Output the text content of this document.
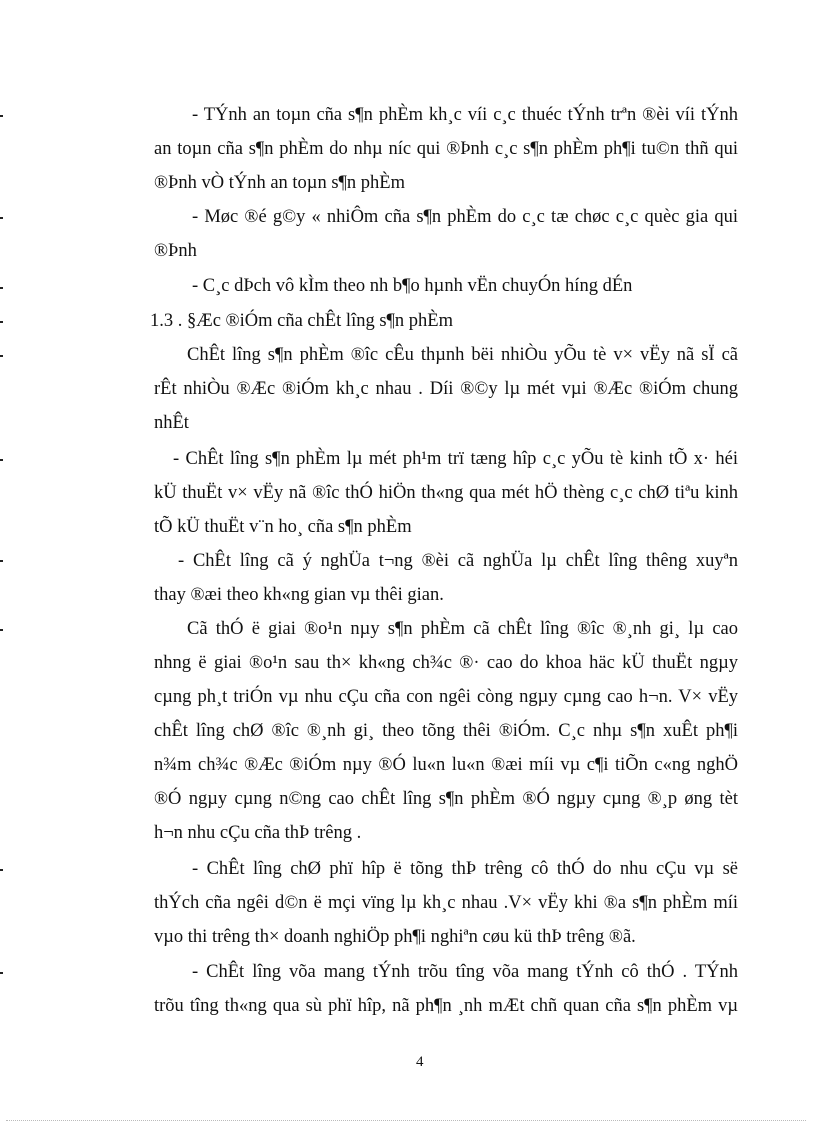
- TÝnh an toµn cña s¶n phÈm kh¸c víi c¸c thuéc tÝnh trªn ®èi víi tÝnh
an toµn cña s¶n phÈm do nhµ níc qui ®Þnh c¸c s¶n phÈm ph¶i tu©n thñ qui
®Þnh vÒ tÝnh an toµn s¶n phÈm
- Møc ®é g©y « nhiÔm cña s¶n phÈm do c¸c tæ chøc c¸c quèc gia qui
®Þnh
- C¸c dÞch vô kÌm theo nh b¶o hµnh vËn chuyÓn híng dÉn
1.3 . §Æc ®iÓm cña chÊt lîng s¶n phÈm
ChÊt lîng s¶n phÈm ®îc cÊu thµnh bëi nhiÒu yÕu tè v× vËy nã sÏ cã
rÊt nhiÒu ®Æc ®iÓm kh¸c nhau . Díi ®©y lµ mét vµi ®Æc ®iÓm chung
nhÊt
- ChÊt lîng s¶n phÈm lµ mét ph¹m trï tæng hîp c¸c yÕu tè kinh tÕ x· héi
kÜ thuËt v× vËy nã ®îc thÓ hiÖn th«ng qua mét hÖ thèng c¸c chØ tiªu kinh
tÕ kÜ thuËt v¨n ho¸ cña s¶n phÈm
- ChÊt lîng cã ý nghÜa t¬ng ®èi cã nghÜa lµ chÊt lîng thêng xuyªn
thay ®æi theo kh«ng gian vµ thêi gian.
Cã thÓ ë giai ®o¹n nµy s¶n phÈm cã chÊt lîng ®îc ®¸nh gi¸ lµ cao
nhng ë giai ®o¹n sau th× kh«ng ch¾c ®· cao do khoa häc kÜ thuËt ngµy
cµng ph¸t triÓn vµ nhu cÇu cña con ngêi còng ngµy cµng cao h¬n. V× vËy
chÊt lîng chØ ®îc ®¸nh gi¸ theo tõng thêi ®iÓm. C¸c nhµ s¶n xuÊt ph¶i
n¾m ch¾c ®Æc ®iÓm nµy ®Ó lu«n lu«n ®æi míi vµ c¶i tiÕn c«ng nghÖ
®Ó ngµy cµng n©ng cao chÊt lîng s¶n phÈm ®Ó ngµy cµng ®¸p øng tèt
h¬n nhu cÇu cña thÞ trêng .
- ChÊt lîng chØ phï hîp ë tõng thÞ trêng cô thÓ do nhu cÇu vµ së
thÝch cña ngêi d©n ë mçi vïng lµ kh¸c nhau .V× vËy khi ®a s¶n phÈm míi
vµo thi trêng th× doanh nghiÖp ph¶i nghiªn cøu kü thÞ trêng ®ã.
- ChÊt lîng võa mang tÝnh trõu tîng võa mang tÝnh cô thÓ . TÝnh
trõu tîng th«ng qua sù phï hîp, nã ph¶n ¸nh mÆt chñ quan cña s¶n phÈm vµ
4
